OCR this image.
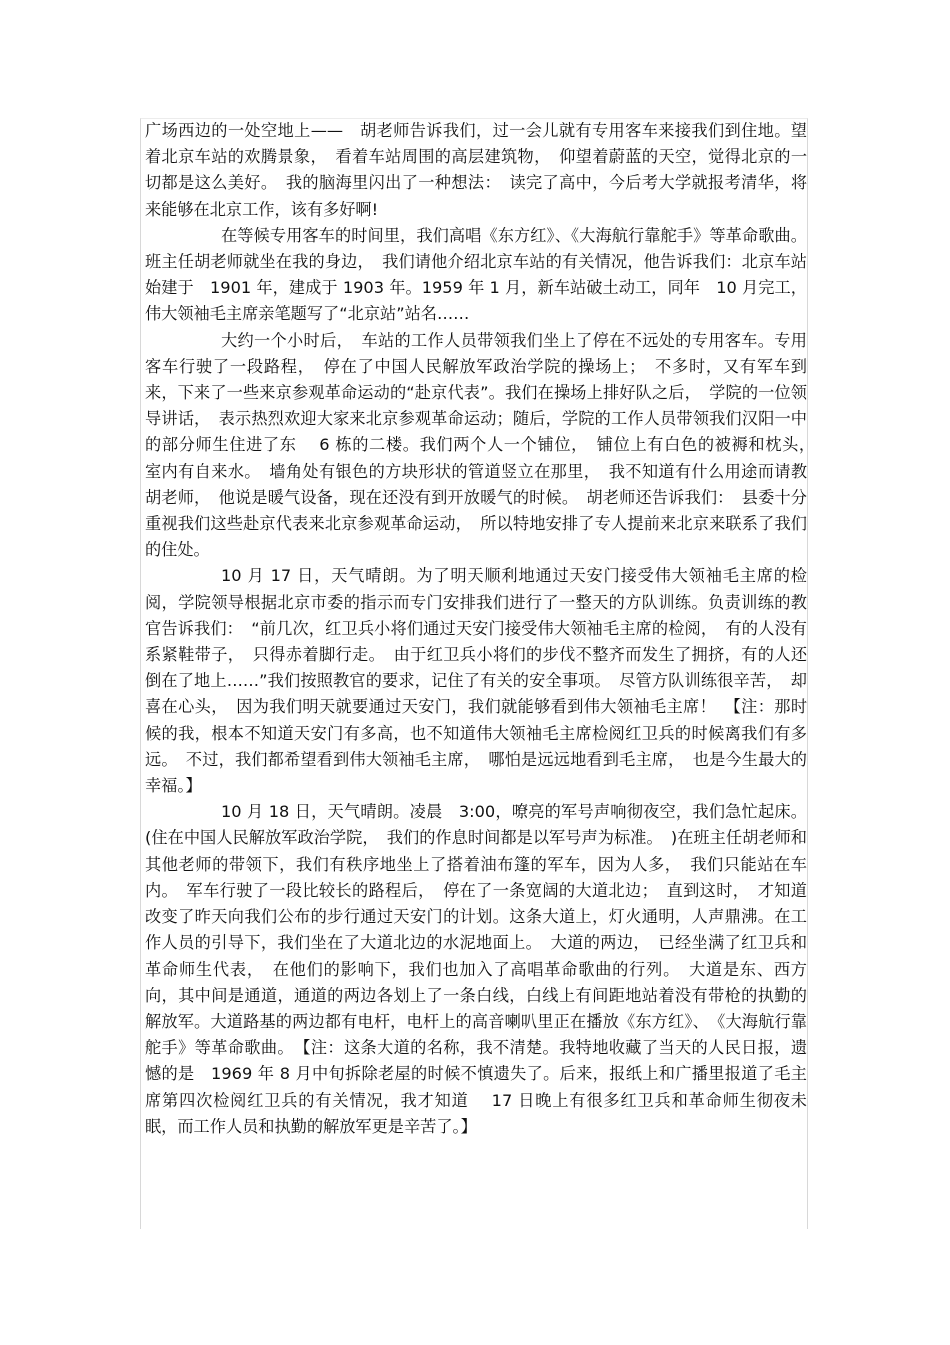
广场西边的一处空地上——　胡老师告诉我们，过一会儿就有专用客车来接我们到住地。望着北京车站的欢腾景象，　看着车站周围的高层建筑物，　仰望着蔚蓝的天空，觉得北京的一切都是这么美好。　我的脑海里闪出了一种想法：　读完了高中，今后考大学就报考清华，将来能够在北京工作，该有多好啊!

在等候专用客车的时间里，我们高唱《东方红》、《大海航行靠舵手》等革命歌曲。班主任胡老师就坐在我的身边，　我们请他介绍北京车站的有关情况，他告诉我们：北京车站始建于　1901 年，建成于 1903 年。1959 年 1 月，新车站破土动工，同年　10 月完工，伟大领袖毛主席亲笔题写了“北京站”站名……

大约一个小时后，　车站的工作人员带领我们坐上了停在不远处的专用客车。专用客车行驶了一段路程，　停在了中国人民解放军政治学院的操场上；　不多时，又有军车到来，下来了一些来京参观革命运动的“赴京代表”。我们在操场上排好队之后，　学院的一位领导讲话，　表示热烈欢迎大家来北京参观革命运动；随后，学院的工作人员带领我们汉阳一中的部分师生住进了东　 6 栋的二楼。我们两个人一个铺位，　铺位上有白色的被褥和枕头，　室内有自来水。　墙角处有银色的方块形状的管道竖立在那里，　我不知道有什么用途而请教胡老师，　他说是暖气设备，现在还没有到开放暖气的时候。　胡老师还告诉我们：　县委十分重视我们这些赴京代表来北京参观革命运动，　所以特地安排了专人提前来北京来联系了我们的住处。

10 月 17 日，天气晴朗。为了明天顺利地通过天安门接受伟大领袖毛主席的检阅，学院领导根据北京市委的指示而专门安排我们进行了一整天的方队训练。负责训练的教官告诉我们：　“前几次，红卫兵小将们通过天安门接受伟大领袖毛主席的检阅，　有的人没有系紧鞋带子，　只得赤着脚行走。　由于红卫兵小将们的步伐不整齐而发生了拥挤，有的人还倒在了地上……”我们按照教官的要求，记住了有关的安全事项。　尽管方队训练很辛苦，　却喜在心头，　因为我们明天就要通过天安门，我们就能够看到伟大领袖毛主席！　【注：那时候的我，根本不知道天安门有多高，也不知道伟大领袖毛主席检阅红卫兵的时候离我们有多远。　不过，我们都希望看到伟大领袖毛主席，　哪怕是远远地看到毛主席，　也是今生最大的幸福。】

10 月 18 日，天气晴朗。凌晨　3:00，嘹亮的军号声响彻夜空，我们急忙起床。(住在中国人民解放军政治学院，　我们的作息时间都是以军号声为标准。　)在班主任胡老师和其他老师的带领下，我们有秩序地坐上了搭着油布篷的军车，因为人多，　我们只能站在车内。　军车行驶了一段比较长的路程后，　停在了一条宽阔的大道北边；　直到这时，　才知道改变了昨天向我们公布的步行通过天安门的计划。这条大道上，灯火通明，人声鼎沸。在工作人员的引导下，我们坐在了大道北边的水泥地面上。　大道的两边，　已经坐满了红卫兵和革命师生代表，　在他们的影响下，我们也加入了高唱革命歌曲的行列。　大道是东、西方向，其中间是通道，通道的两边各划上了一条白线，白线上有间距地站着没有带枪的执勤的解放军。大道路基的两边都有电杆，电杆上的高音喇叭里正在播放《东方红》、　《大海航行靠舵手》等革命歌曲。　【注：这条大道的名称，我不清楚。我特地收藏了当天的人民日报，遗憾的是　1969 年 8 月中旬拆除老屋的时候不慎遗失了。后来，报纸上和广播里报道了毛主席第四次检阅红卫兵的有关情况，我才知道　 17 日晚上有很多红卫兵和革命师生彻夜未眠，而工作人员和执勤的解放军更是辛苦了。】
